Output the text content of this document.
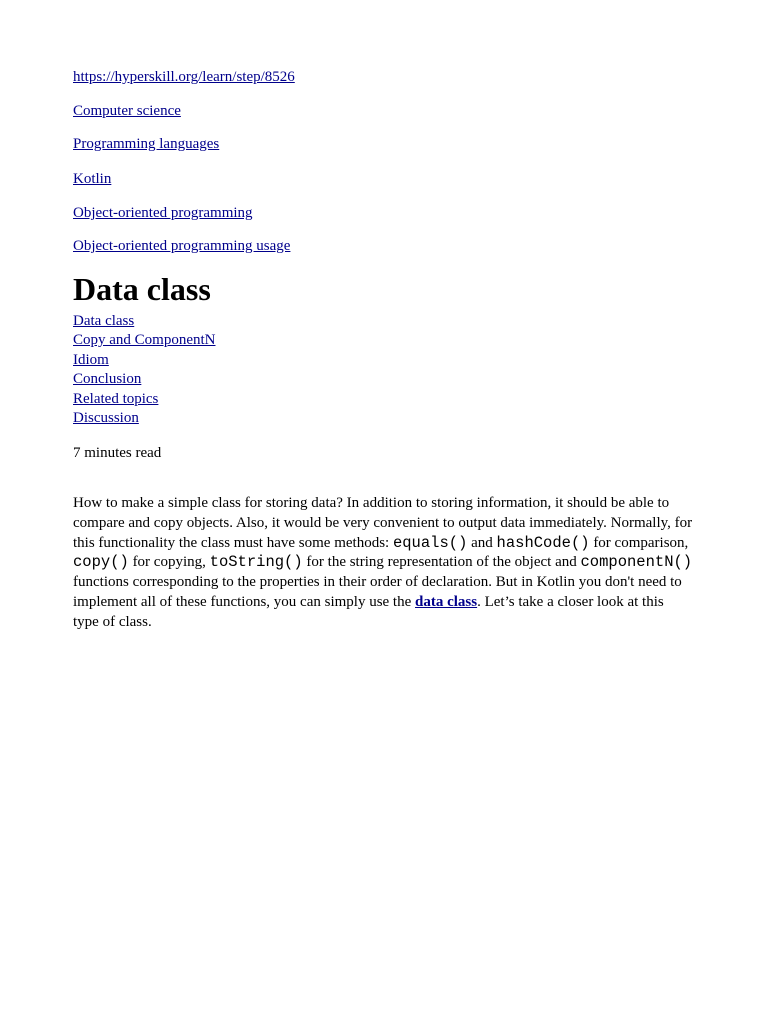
https://hyperskill.org/learn/step/8526
Computer science
Programming languages
Kotlin
Object-oriented programming
Object-oriented programming usage
Data class
Data class
Copy and ComponentN
Idiom
Conclusion
Related topics
Discussion
7 minutes read

How to make a simple class for storing data? In addition to storing information, it should be able to compare and copy objects. Also, it would be very convenient to output data immediately. Normally, for this functionality the class must have some methods: equals() and hashCode() for comparison, copy() for copying, toString() for the string representation of the object and componentN() functions corresponding to the properties in their order of declaration. But in Kotlin you don't need to implement all of these functions, you can simply use the data class. Let’s take a closer look at this type of class.
